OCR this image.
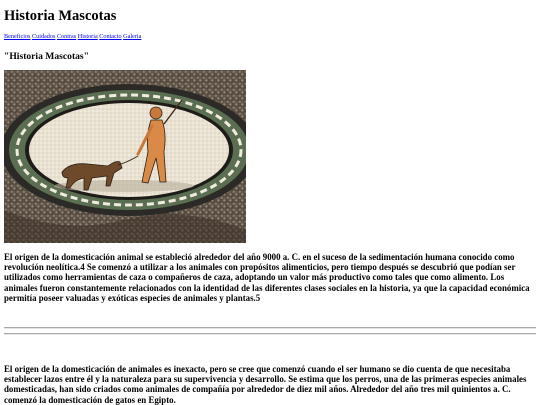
Historia Mascotas
Beneficios Cuidados Contras Historia Contacto Galeria
"Historia Mascotas"

El origen de la domesticación animal se estableció alrededor del año 9000 a. C. en el suceso de la sedimentación humana conocido como revolución neolítica.4 Se comenzó a utilizar a los animales con propósitos alimenticios, pero tiempo después se descubrió que podían ser utilizados como herramientas de caza o compañeros de caza, adoptando un valor más productivo como tales que como alimento. Los animales fueron constantemente relacionados con la identidad de las diferentes clases sociales en la historia, ya que la capacidad económica permitía poseer valuadas y exóticas especies de animales y plantas.5

El origen de la domesticación de animales es inexacto, pero se cree que comenzó cuando el ser humano se dio cuenta de que necesitaba establecer lazos entre él y la naturaleza para su supervivencia y desarrollo. Se estima que los perros, una de las primeras especies animales domesticadas, han sido criados como animales de compañía por alrededor de diez mil años. Alrededor del año tres mil quinientos a. C. comenzó la domesticación de gatos en Egipto.
